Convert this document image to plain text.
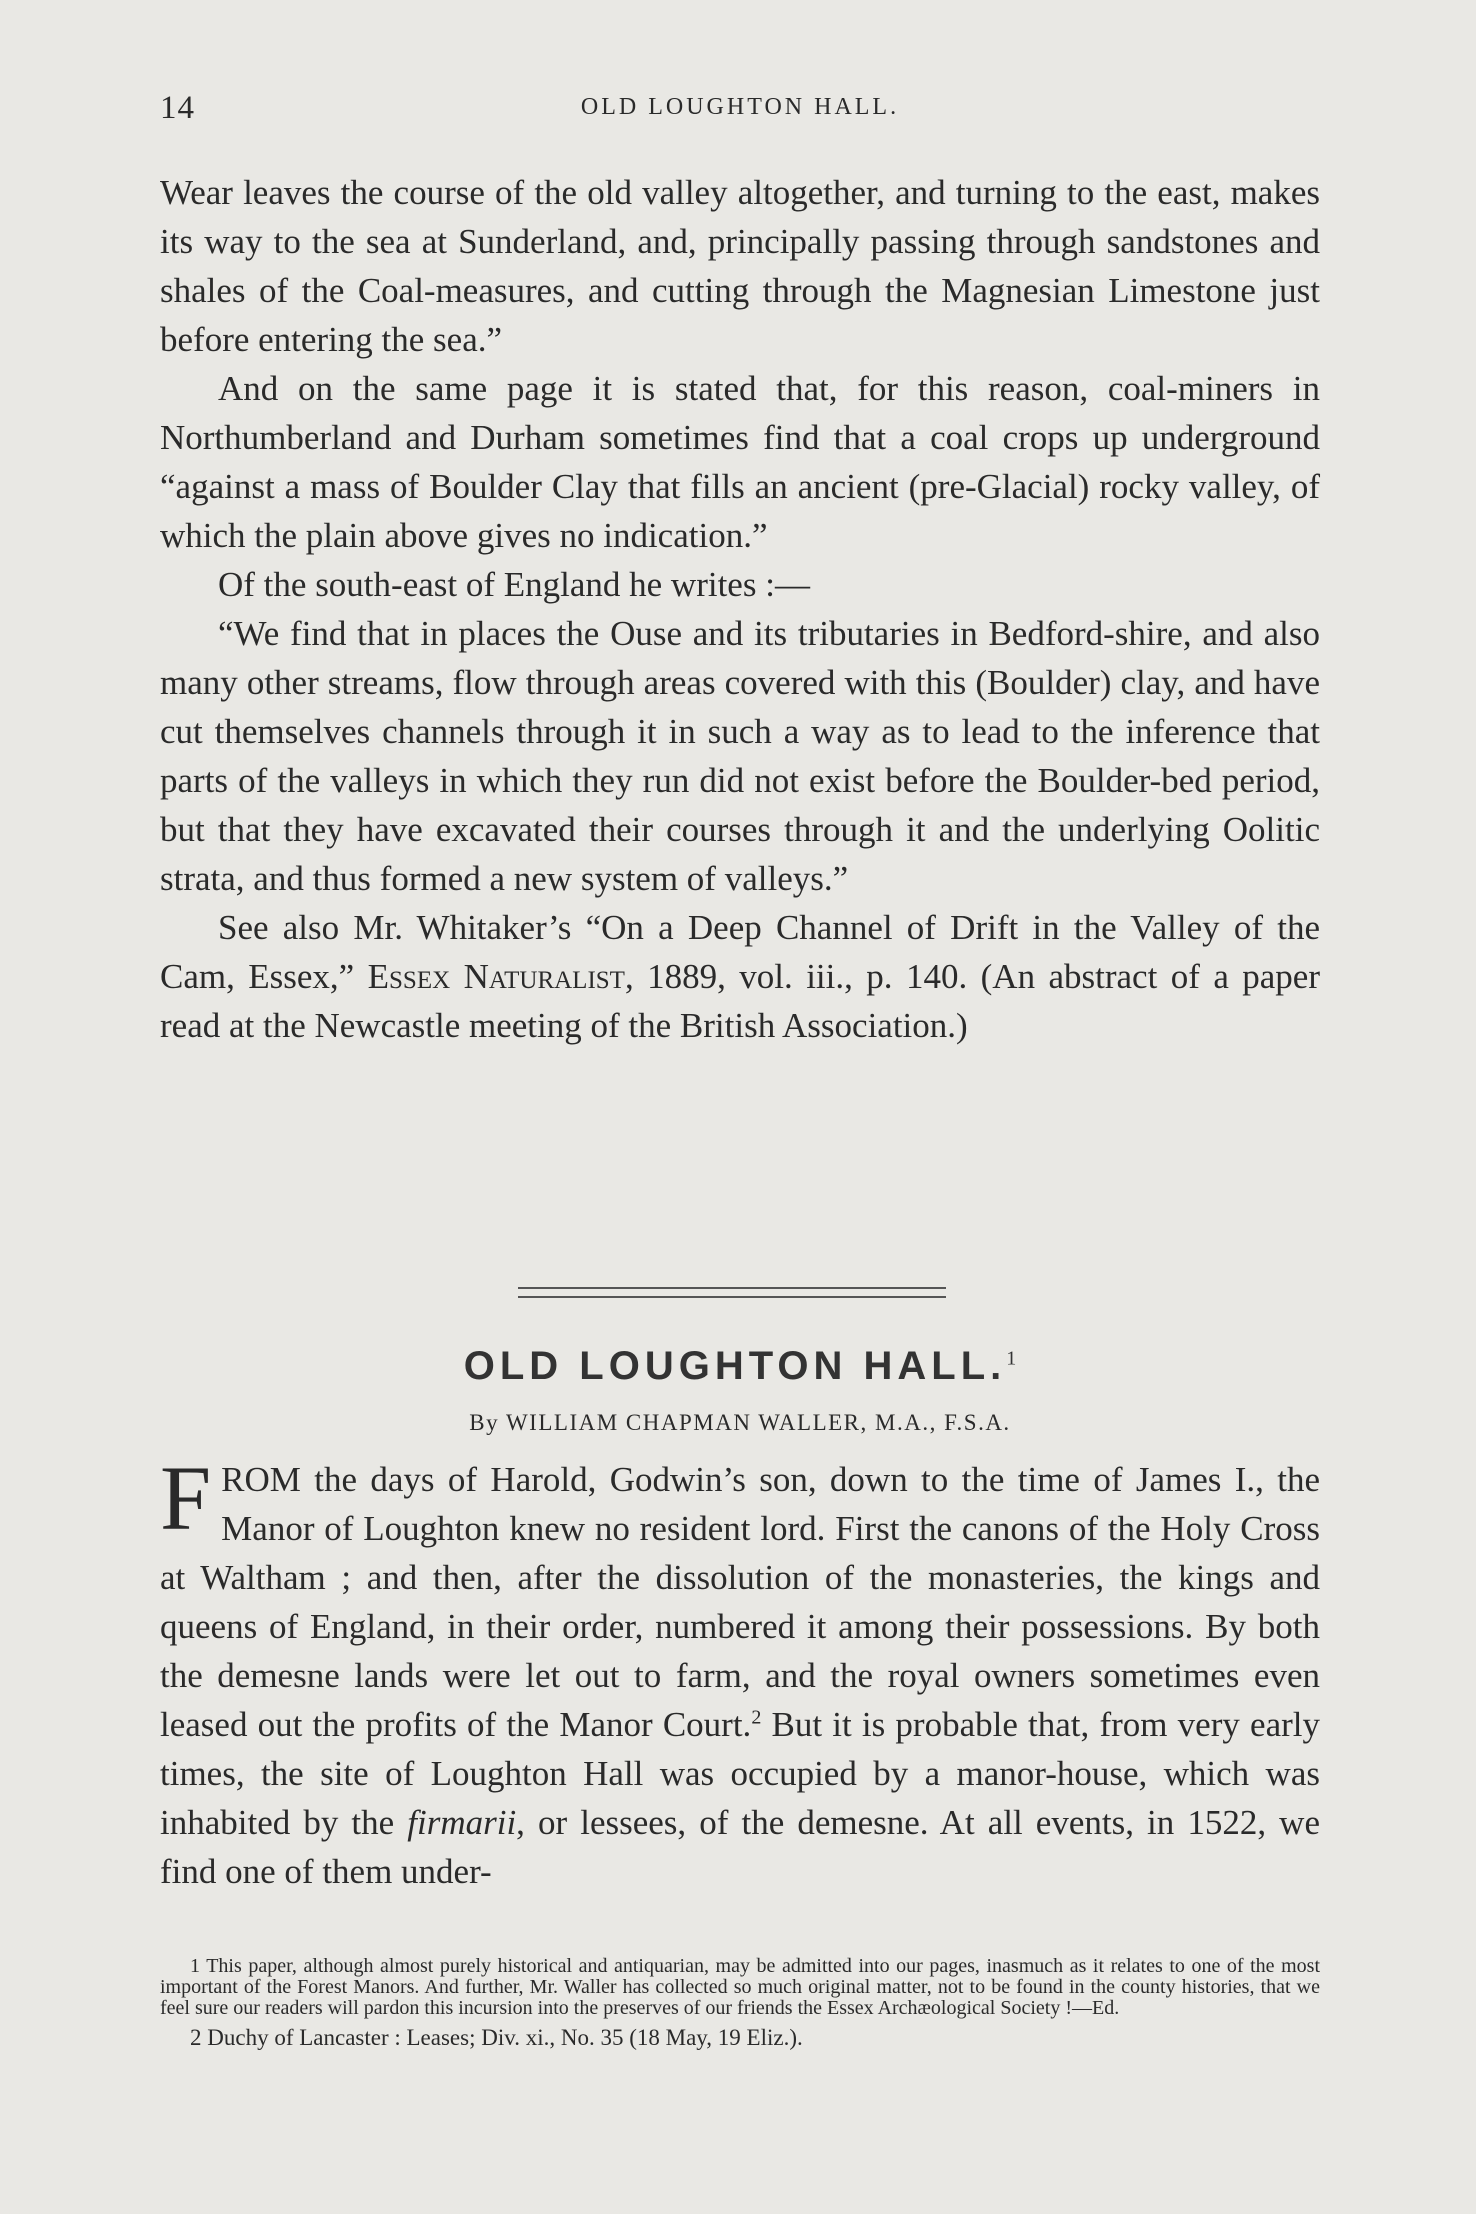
14	OLD LOUGHTON HALL.

Wear leaves the course of the old valley altogether, and turning to the east, makes its way to the sea at Sunderland, and, principally passing through sandstones and shales of the Coal-measures, and cutting through the Magnesian Limestone just before entering the sea.”

And on the same page it is stated that, for this reason, coal-miners in Northumberland and Durham sometimes find that a coal crops up underground “against a mass of Boulder Clay that fills an ancient (pre-Glacial) rocky valley, of which the plain above gives no indication.”

Of the south-east of England he writes :—

“We find that in places the Ouse and its tributaries in Bedford-shire, and also many other streams, flow through areas covered with this (Boulder) clay, and have cut themselves channels through it in such a way as to lead to the inference that parts of the valleys in which they run did not exist before the Boulder-bed period, but that they have excavated their courses through it and the underlying Oolitic strata, and thus formed a new system of valleys.”

See also Mr. Whitaker’s “On a Deep Channel of Drift in the Valley of the Cam, Essex,” Essex Naturalist, 1889, vol. iii., p. 140. (An abstract of a paper read at the Newcastle meeting of the British Association.)

OLD LOUGHTON HALL.$^1$
By WILLIAM CHAPMAN WALLER, M.A., F.S.A.

FROM the days of Harold, Godwin’s son, down to the time of James I., the Manor of Loughton knew no resident lord. First the canons of the Holy Cross at Waltham ; and then, after the dissolution of the monasteries, the kings and queens of England, in their order, numbered it among their possessions. By both the demesne lands were let out to farm, and the royal owners sometimes even leased out the profits of the Manor Court.$^2$ But it is probable that, from very early times, the site of Loughton Hall was occupied by a manor-house, which was inhabited by the firmarii, or lessees, of the demesne. At all events, in 1522, we find one of them under-

1 This paper, although almost purely historical and antiquarian, may be admitted into our pages, inasmuch as it relates to one of the most important of the Forest Manors. And further, Mr. Waller has collected so much original matter, not to be found in the county histories, that we feel sure our readers will pardon this incursion into the preserves of our friends the Essex Archæological Society !—Ed.

2 Duchy of Lancaster : Leases; Div. xi., No. 35 (18 May, 19 Eliz.).
